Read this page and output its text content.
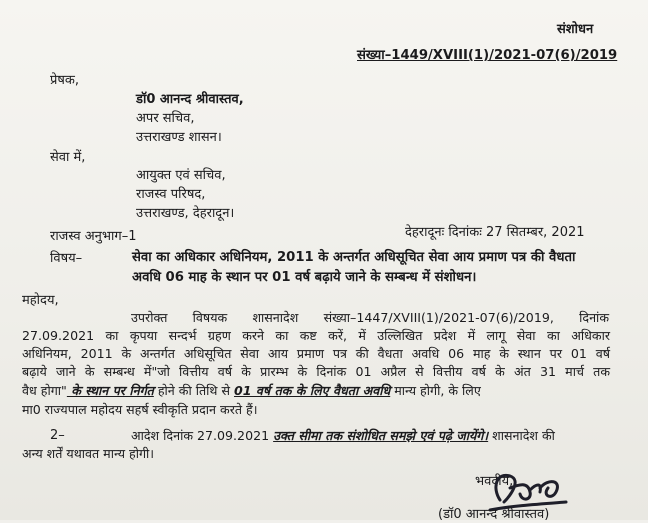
संशोधन
संख्या–1449/XVIII(1)/2021-07(6)/2019
प्रेषक,
डॉ0 आनन्द श्रीवास्तव,
अपर सचिव,
उत्तराखण्ड शासन।
सेवा में,
आयुक्त एवं सचिव,
राजस्व परिषद,
उत्तराखण्ड, देहरादून।
राजस्व अनुभाग–1	देहरादूनः दिनांकः 27 सितम्बर, 2021
विषय–	सेवा का अधिकार अधिनियम, 2011 के अन्तर्गत अधिसूचित सेवा आय प्रमाण पत्र की वैधता
अवधि 06 माह के स्थान पर 01 वर्ष बढ़ाये जाने के सम्बन्ध में संशोधन।
महोदय,
उपरोक्त विषयक शासनादेश संख्या–1447/XVIII(1)/2021-07(6)/2019, दिनांक
27.09.2021 का कृपया सन्दर्भ ग्रहण करने का कष्ट करें, में उल्लिखित प्रदेश में लागू सेवा का अधिकार
अधिनियम, 2011 के अन्तर्गत अधिसूचित सेवा आय प्रमाण पत्र की वैधता अवधि 06 माह के स्थान पर 01 वर्ष
बढ़ाये जाने के सम्बन्ध में"जो वित्तीय वर्ष के प्रारम्भ के दिनांक 01 अप्रैल से वित्तीय वर्ष के अंत 31 मार्च तक
वैध होगा" के स्थान पर निर्गत होने की तिथि से 01 वर्ष तक के लिए वैधता अवधि मान्य होगी, के लिए
मा0 राज्यपाल महोदय सहर्ष स्वीकृति प्रदान करते हैं।
2–	आदेश दिनांक 27.09.2021 उक्त सीमा तक संशोधित समझे एवं पढ़े जायेंगे। शासनादेश की
अन्य शर्तें यथावत मान्य होगी।
भवदीय,
(डॉ0 आनन्द श्रीवास्तव)
